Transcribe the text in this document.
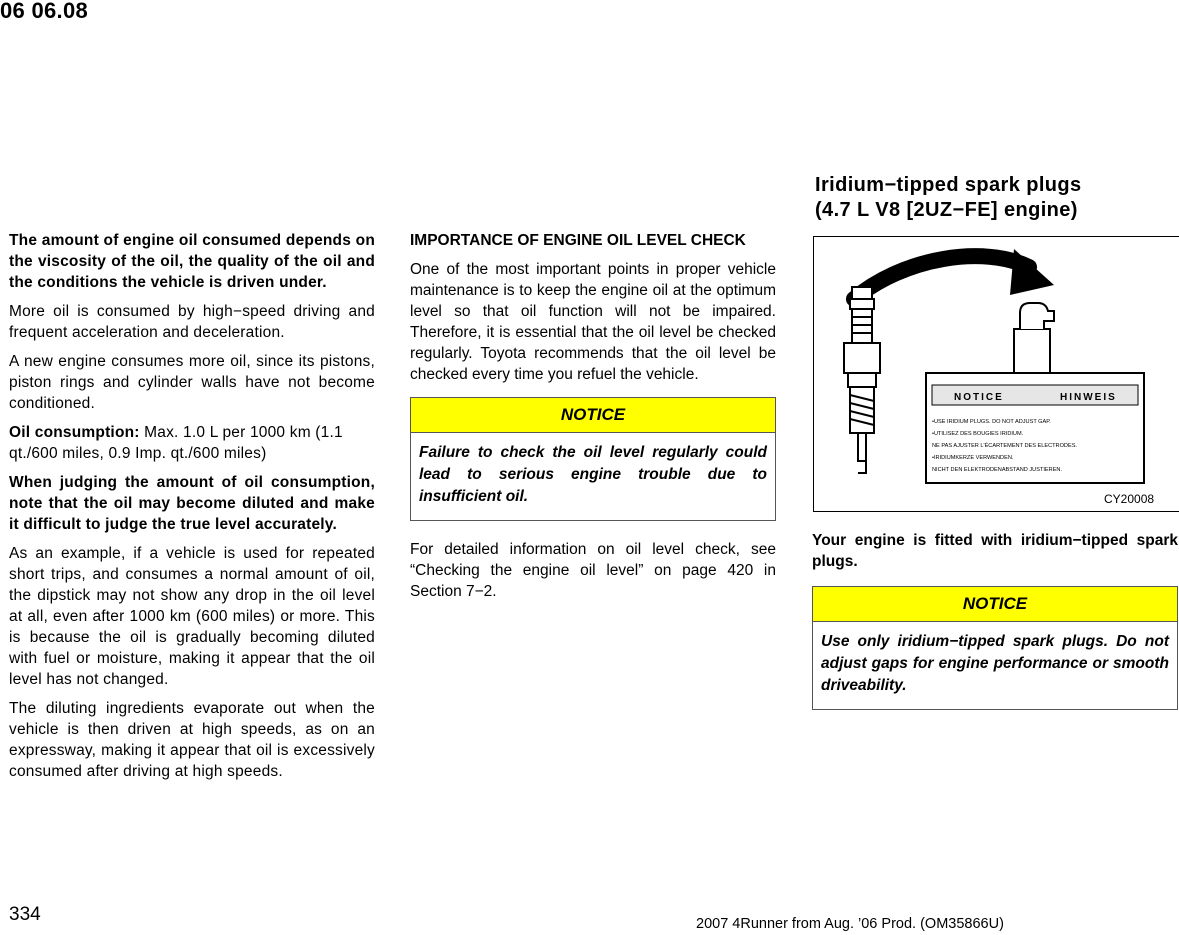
06 06.08

The amount of engine oil consumed depends on the viscosity of the oil, the quality of the oil and the conditions the vehicle is driven under.

More oil is consumed by high−speed driving and frequent acceleration and deceleration.

A new engine consumes more oil, since its pistons, piston rings and cylinder walls have not become conditioned.

Oil consumption: Max. 1.0 L per 1000 km (1.1 qt./600 miles, 0.9 Imp. qt./600 miles)

When judging the amount of oil consumption, note that the oil may become diluted and make it difficult to judge the true level accurately.

As an example, if a vehicle is used for repeated short trips, and consumes a normal amount of oil, the dipstick may not show any drop in the oil level at all, even after 1000 km (600 miles) or more. This is because the oil is gradually becoming diluted with fuel or moisture, making it appear that the oil level has not changed.

The diluting ingredients evaporate out when the vehicle is then driven at high speeds, as on an expressway, making it appear that oil is excessively consumed after driving at high speeds.

IMPORTANCE OF ENGINE OIL LEVEL CHECK

One of the most important points in proper vehicle maintenance is to keep the engine oil at the optimum level so that oil function will not be impaired. Therefore, it is essential that the oil level be checked regularly. Toyota recommends that the oil level be checked every time you refuel the vehicle.

NOTICE
Failure to check the oil level regularly could lead to serious engine trouble due to insufficient oil.

For detailed information on oil level check, see “Checking the engine oil level” on page 420 in Section 7−2.

Iridium−tipped spark plugs
(4.7 L V8 [2UZ−FE] engine)
NOTICE	HINWEIS
•USE IRIDIUM PLUGS. DO NOT ADJUST GAP.
•UTILISEZ DES BOUGIES IRIDIUM.
NE PAS AJUSTER L'ÉCARTEMENT DES ELECTRODES.
•IRIDIUMKERZE VERWENDEN.
NICHT DEN ELEKTRODENABSTAND JUSTIEREN.
CY20008

Your engine is fitted with iridium−tipped spark plugs.

NOTICE
Use only iridium−tipped spark plugs. Do not adjust gaps for engine performance or smooth driveability.
334	2007 4Runner from Aug. ’06 Prod. (OM35866U)
